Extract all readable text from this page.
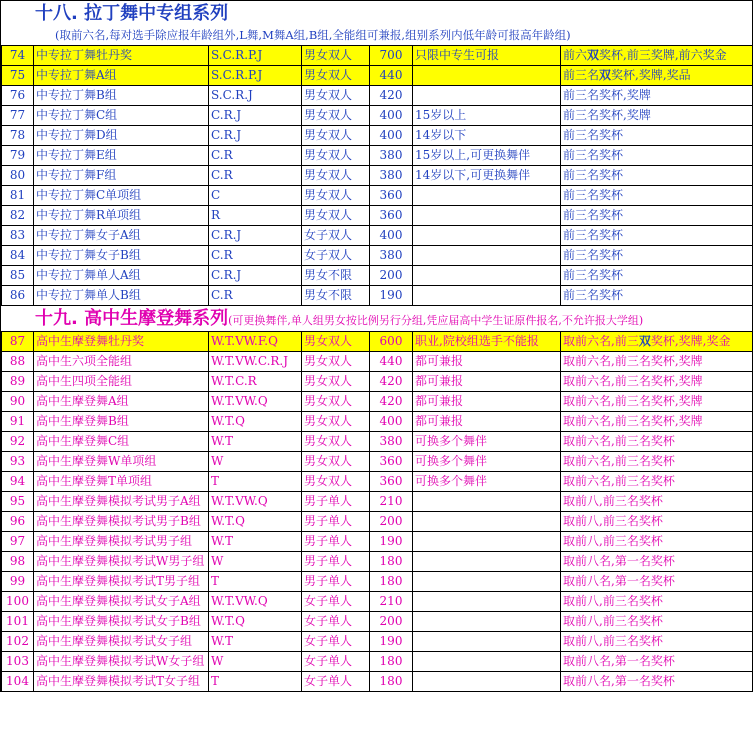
十八. 拉丁舞中专组系列
(取前六名,每对选手除应报年龄组外,L舞,M舞A组,B组,全能组可兼报,组别系列内低年龄可报高年龄组)
74	中专拉丁舞牡丹奖	S.C.R.P.J	男女双人	700	只限中专生可报	前六双奖杯,前三奖牌,前六奖金
75	中专拉丁舞A组	S.C.R.P.J	男女双人	440		前三名双奖杯,奖牌,奖品
76	中专拉丁舞B组	S.C.R.J	男女双人	420		前三名奖杯,奖牌
77	中专拉丁舞C组	C.R.J	男女双人	400	15岁以上	前三名奖杯,奖牌
78	中专拉丁舞D组	C.R.J	男女双人	400	14岁以下	前三名奖杯
79	中专拉丁舞E组	C.R	男女双人	380	15岁以上,可更换舞伴	前三名奖杯
80	中专拉丁舞F组	C.R	男女双人	380	14岁以下,可更换舞伴	前三名奖杯
81	中专拉丁舞C单项组	C	男女双人	360		前三名奖杯
82	中专拉丁舞R单项组	R	男女双人	360		前三名奖杯
83	中专拉丁舞女子A组	C.R.J	女子双人	400		前三名奖杯
84	中专拉丁舞女子B组	C.R	女子双人	380		前三名奖杯
85	中专拉丁舞单人A组	C.R.J	男女不限	200		前三名奖杯
86	中专拉丁舞单人B组	C.R	男女不限	190		前三名奖杯
十九. 高中生摩登舞系列(可更换舞伴,单人组男女按比例另行分组,凭应届高中学生证原件报名,不允许报大学组)
87	高中生摩登舞牡丹奖	W.T.VW.F.Q	男女双人	600	职业,院校组选手不能报	取前六名,前三双奖杯,奖牌,奖金
88	高中生六项全能组	W.T.VW.C.R.J	男女双人	440	都可兼报	取前六名,前三名奖杯,奖牌
89	高中生四项全能组	W.T.C.R	男女双人	420	都可兼报	取前六名,前三名奖杯,奖牌
90	高中生摩登舞A组	W.T.VW.Q	男女双人	420	都可兼报	取前六名,前三名奖杯,奖牌
91	高中生摩登舞B组	W.T.Q	男女双人	400	都可兼报	取前六名,前三名奖杯,奖牌
92	高中生摩登舞C组	W.T	男女双人	380	可换多个舞伴	取前六名,前三名奖杯
93	高中生摩登舞W单项组	W	男女双人	360	可换多个舞伴	取前六名,前三名奖杯
94	高中生摩登舞T单项组	T	男女双人	360	可换多个舞伴	取前六名,前三名奖杯
95	高中生摩登舞模拟考试男子A组	W.T.VW.Q	男子单人	210		取前八,前三名奖杯
96	高中生摩登舞模拟考试男子B组	W.T.Q	男子单人	200		取前八,前三名奖杯
97	高中生摩登舞模拟考试男子组	W.T	男子单人	190		取前八,前三名奖杯
98	高中生摩登舞模拟考试W男子组	W	男子单人	180		取前八名,第一名奖杯
99	高中生摩登舞模拟考试T男子组	T	男子单人	180		取前八名,第一名奖杯
100	高中生摩登舞模拟考试女子A组	W.T.VW.Q	女子单人	210		取前八,前三名奖杯
101	高中生摩登舞模拟考试女子B组	W.T.Q	女子单人	200		取前八,前三名奖杯
102	高中生摩登舞模拟考试女子组	W.T	女子单人	190		取前八,前三名奖杯
103	高中生摩登舞模拟考试W女子组	W	女子单人	180		取前八名,第一名奖杯
104	高中生摩登舞模拟考试T女子组	T	女子单人	180		取前八名,第一名奖杯
